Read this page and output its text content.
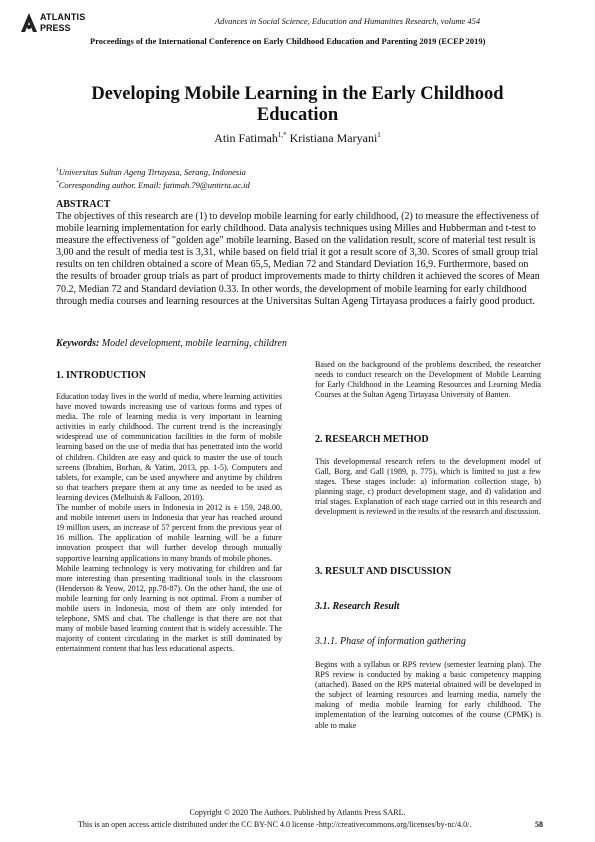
ATLANTIS
PRESS
Advances in Social Science, Education and Humanities Research, volume 454
Proceedings of the International Conference on Early Childhood Education and Parenting 2019 (ECEP 2019)
Developing Mobile Learning in the Early Childhood Education
Atin Fatimah$^{1,*}$ Kristiana Maryani$^1$
$^1$Universitas Sultan Ageng Tirtayasa, Serang, Indonesia
*Corresponding author. Email: fatimah.79@untirta.ac.id
ABSTRACT
The objectives of this research are (1) to develop mobile learning for early childhood, (2) to measure the effectiveness of mobile learning implementation for early childhood. Data analysis techniques using Milles and Hubberman and t-test to measure the effectiveness of "golden age" mobile learning. Based on the validation result, score of material test result is 3,00 and the result of media test is 3,31, while based on field trial it got a result score of 3,30. Scores of small group trial results on ten children obtained a score of Mean 65,5, Median 72 and Standard Deviation 16,9. Furthermore, based on the results of broader group trials as part of product improvements made to thirty children it achieved the scores of Mean 70.2, Median 72 and Standard deviation 0.33. In other words, the development of mobile learning for early childhood through media courses and learning resources at the Universitas Sultan Ageng Tirtayasa produces a fairly good product.
Keywords: Model development, mobile learning, children
1. INTRODUCTION

Education today lives in the world of media, where learning activities have moved towards increasing use of various forms and types of media. The role of learning media is very important in learning activities in early childhood. The current trend is the increasingly widespread use of communication facilities in the form of mobile learning based on the use of media that has penetrated into the world of children. Children are easy and quick to master the use of touch screens (Ibrahim, Borhan, & Yatim, 2013, pp. 1-5). Computers and tablets, for example, can be used anywhere and anytime by children so that teachers prepare them at any time as needed to be used as learning devices (Melhuish & Falloon, 2010).

The number of mobile users in Indonesia in 2012 is ± 159, 248.00, and mobile internet users in Indonesia that year has reached around 19 million users, an increase of 57 percent from the previous year of 16 million. The application of mobile learning will be a future innovation prospect that will further develop through mutually supportive learning applications in many brands of mobile phones.

Mobile learning technology is very motivating for children and far more interesting than presenting traditional tools in the classroom (Henderson & Yeow, 2012, pp.78-87). On the other hand, the use of mobile learning for only learning is not optimal. From a number of mobile users in Indonesia, most of them are only intended for telephone, SMS and chat. The challenge is that there are not that many of mobile based learning content that is widely accessible. The majority of content circulating in the market is still dominated by entertainment content that has less educational aspects.

Based on the background of the problems described, the researcher needs to conduct research on the Development of Mobile Learning for Early Childhood in the Learning Resources and Learning Media Courses at the Sultan Ageng Tirtayasa University of Banten.

2. RESEARCH METHOD

This developmental research refers to the development model of Gall, Borg, and Gall (1989, p. 775), which is limited to just a few stages. These stages include: a) information collection stage, b) planning stage, c) product development stage, and d) validation and trial stages. Explanation of each stage carried out in this research and development is reviewed in the results of the research and discussion.

3. RESULT AND DISCUSSION
3.1. Research Result
3.1.1. Phase of information gathering

Begins with a syllabus or RPS review (semester learning plan). The RPS review is conducted by making a basic competency mapping (attached). Based on the RPS material obtained will be developed in the subject of learning resources and learning media, namely the making of media mobile learning for early childhood. The implementation of the learning outcomes of the course (CPMK) is able to make

Copyright © 2020 The Authors. Published by Atlantis Press SARL.
This is an open access article distributed under the CC BY-NC 4.0 license -http://creativecommons.org/licenses/by-nc/4.0/.	58
